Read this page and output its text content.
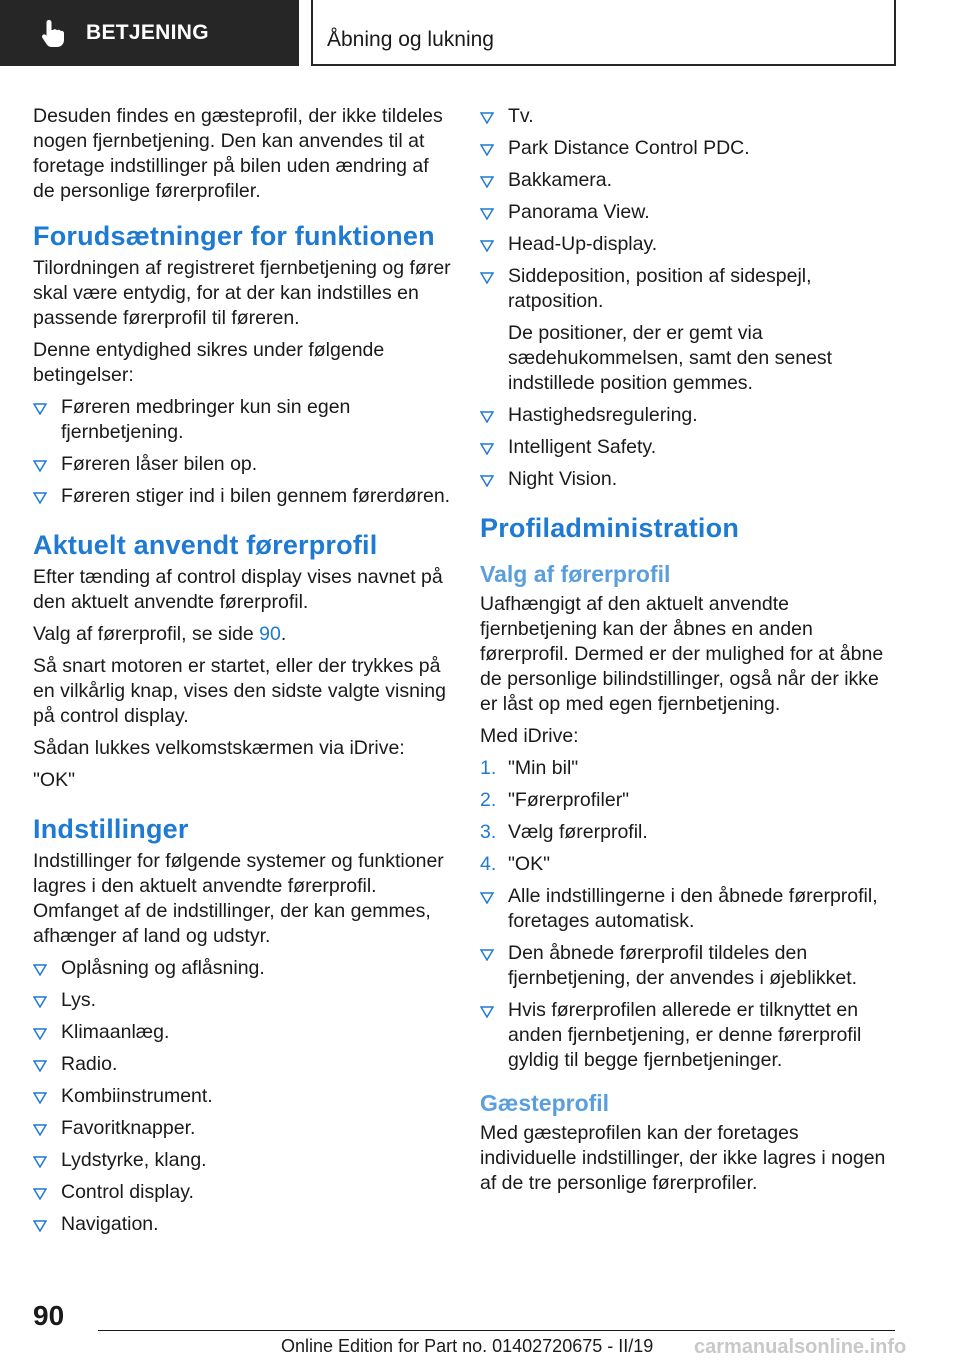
BETJENING	Åbning og lukning

Desuden findes en gæsteprofil, der ikke tildeles nogen fjernbetjening. Den kan anvendes til at foretage indstillinger på bilen uden ændring af de personlige førerprofiler.

Forudsætninger for funktionen

Tilordningen af registreret fjernbetjening og fører skal være entydig, for at der kan indstilles en passende førerprofil til føreren.

Denne entydighed sikres under følgende betingelser:

Føreren medbringer kun sin egen fjernbetjening.
Føreren låser bilen op.
Føreren stiger ind i bilen gennem førerdøren.
Aktuelt anvendt førerprofil

Efter tænding af control display vises navnet på den aktuelt anvendte førerprofil.

Valg af førerprofil, se side 90.

Så snart motoren er startet, eller der trykkes på en vilkårlig knap, vises den sidste valgte visning på control display.

Sådan lukkes velkomstskærmen via iDrive:

"OK"

Indstillinger

Indstillinger for følgende systemer og funktioner lagres i den aktuelt anvendte førerprofil. Omfanget af de indstillinger, der kan gemmes, afhænger af land og udstyr.

Oplåsning og aflåsning.
Lys.
Klimaanlæg.
Radio.
Kombiinstrument.
Favoritknapper.
Lydstyrke, klang.
Control display.
Navigation.
Tv.
Park Distance Control PDC.
Bakkamera.
Panorama View.
Head-Up-display.
Siddeposition, position af sidespejl, ratposition.

De positioner, der er gemt via sædehukommelsen, samt den senest indstillede position gemmes.

Hastighedsregulering.
Intelligent Safety.
Night Vision.
Profiladministration
Valg af førerprofil

Uafhængigt af den aktuelt anvendte fjernbetjening kan der åbnes en anden førerprofil. Dermed er der mulighed for at åbne de personlige bilindstillinger, også når der ikke er låst op med egen fjernbetjening.

Med iDrive:

1. "Min bil"
2. "Førerprofiler"
3. Vælg førerprofil.
4. "OK"
Alle indstillingerne i den åbnede førerprofil, foretages automatisk.
Den åbnede førerprofil tildeles den fjernbetjening, der anvendes i øjeblikket.
Hvis førerprofilen allerede er tilknyttet en anden fjernbetjening, er denne førerprofil gyldig til begge fjernbetjeninger.
Gæsteprofil

Med gæsteprofilen kan der foretages individuelle indstillinger, der ikke lagres i nogen af de tre personlige førerprofiler.

90
Online Edition for Part no. 01402720675 - II/19 carmanualsonline.info
